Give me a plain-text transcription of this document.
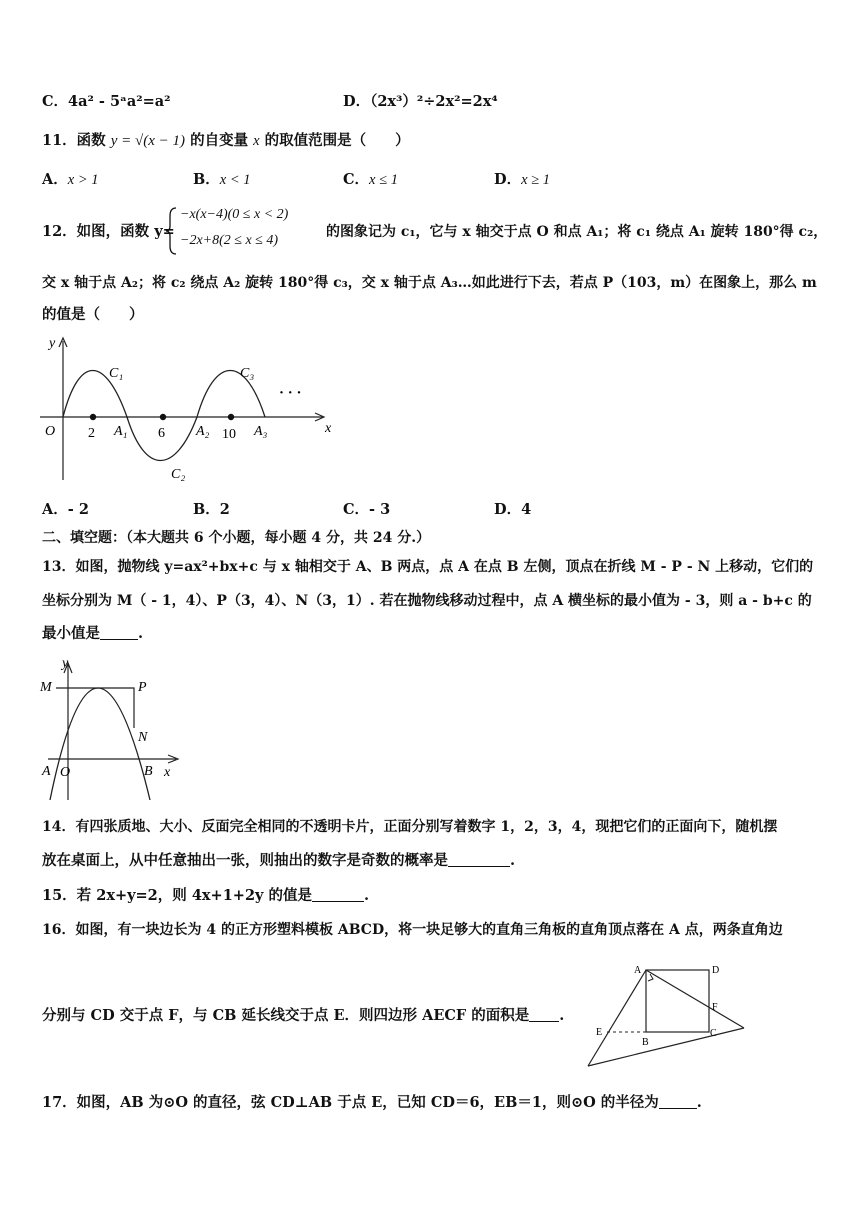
C．4a² - 5ᵃa²=a²	D．（2x³）²÷2x²=2x⁴
11．函数 y = √(x − 1) 的自变量 x 的取值范围是（　　）
A．x > 1	B．x < 1	C．x ≤ 1	D．x ≥ 1
12．如图，函数 y=
−x(x−4)(0 ≤ x < 2)
−2x+8(2 ≤ x ≤ 4)
的图象记为 c₁，它与 x 轴交于点 O 和点 A₁；将 c₁ 绕点 A₁ 旋转 180°得 c₂，
交 x 轴于点 A₂；将 c₂ 绕点 A₂ 旋转 180°得 c₃，交 x 轴于点 A₃…如此进行下去，若点 P（103，m）在图象上，那么 m
的值是（　　）
y
x
O 2 A₁ 6 A₂ 10 A₃
C₁
C₂
C₃
· · ·
A．- 2	B．2	C．- 3	D．4
二、填空题：（本大题共 6 个小题，每小题 4 分，共 24 分.）
13．如图，抛物线 y=ax²+bx+c 与 x 轴相交于 A、B 两点，点 A 在点 B 左侧，顶点在折线 M - P - N 上移动，它们的
坐标分别为 M（ - 1，4）、P（3，4）、N（3，1）. 若在抛物线移动过程中，点 A 横坐标的最小值为 - 3，则 a - b+c 的
最小值是	.
M	P
N
y
A O	B x
14．有四张质地、大小、反面完全相同的不透明卡片，正面分别写着数字 1，2，3，4，现把它们的正面向下，随机摆
放在桌面上，从中任意抽出一张，则抽出的数字是奇数的概率是	.
15．若 2x+y=2，则 4x+1+2y 的值是	.
16．如图，有一块边长为 4 的正方形塑料模板 ABCD，将一块足够大的直角三角板的直角顶点落在 A 点，两条直角边
分别与 CD 交于点 F，与 CB 延长线交于点 E．则四边形 AECF 的面积是 .
A	D
F
E
B
C
17．如图，AB 为⊙O 的直径，弦 CD⊥AB 于点 E，已知 CD＝6，EB＝1，则⊙O 的半径为	.
